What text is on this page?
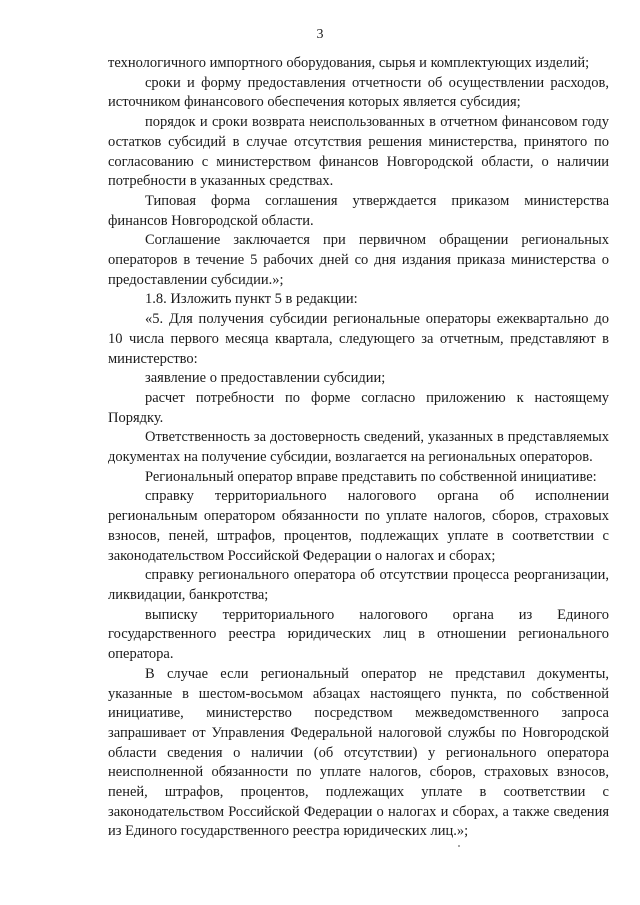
3

технологичного импортного оборудования, сырья и комплектующих изделий;

сроки и форму предоставления отчетности об осуществлении расходов, источником финансового обеспечения которых является субсидия;

порядок и сроки возврата неиспользованных в отчетном финансовом году остатков субсидий в случае отсутствия решения министерства, принятого по согласованию с министерством финансов Новгородской области, о наличии потребности в указанных средствах.

Типовая форма соглашения утверждается приказом министерства финансов Новгородской области.

Соглашение заключается при первичном обращении региональных операторов в течение 5 рабочих дней со дня издания приказа министерства о предоставлении субсидии.»;

1.8. Изложить пункт 5 в редакции:

«5. Для получения субсидии региональные операторы ежеквартально до 10 числа первого месяца квартала, следующего за отчетным, представляют в министерство:

заявление о предоставлении субсидии;

расчет потребности по форме согласно приложению к настоящему Порядку.

Ответственность за достоверность сведений, указанных в представляемых документах на получение субсидии, возлагается на региональных операторов.

Региональный оператор вправе представить по собственной инициативе:

справку территориального налогового органа об исполнении региональным оператором обязанности по уплате налогов, сборов, страховых взносов, пеней, штрафов, процентов, подлежащих уплате в соответствии с законодательством Российской Федерации о налогах и сборах;

справку регионального оператора об отсутствии процесса реорганизации, ликвидации, банкротства;

выписку территориального налогового органа из Единого государственного реестра юридических лиц в отношении регионального оператора.

В случае если региональный оператор не представил документы, указанные в шестом-восьмом абзацах настоящего пункта, по собственной инициативе, министерство посредством межведомственного запроса запрашивает от Управления Федеральной налоговой службы по Новгородской области сведения о наличии (об отсутствии) у регионального оператора неисполненной обязанности по уплате налогов, сборов, страховых взносов, пеней, штрафов, процентов, подлежащих уплате в соответствии с законодательством Российской Федерации о налогах и сборах, а также сведения из Единого государственного реестра юридических лиц.»;
